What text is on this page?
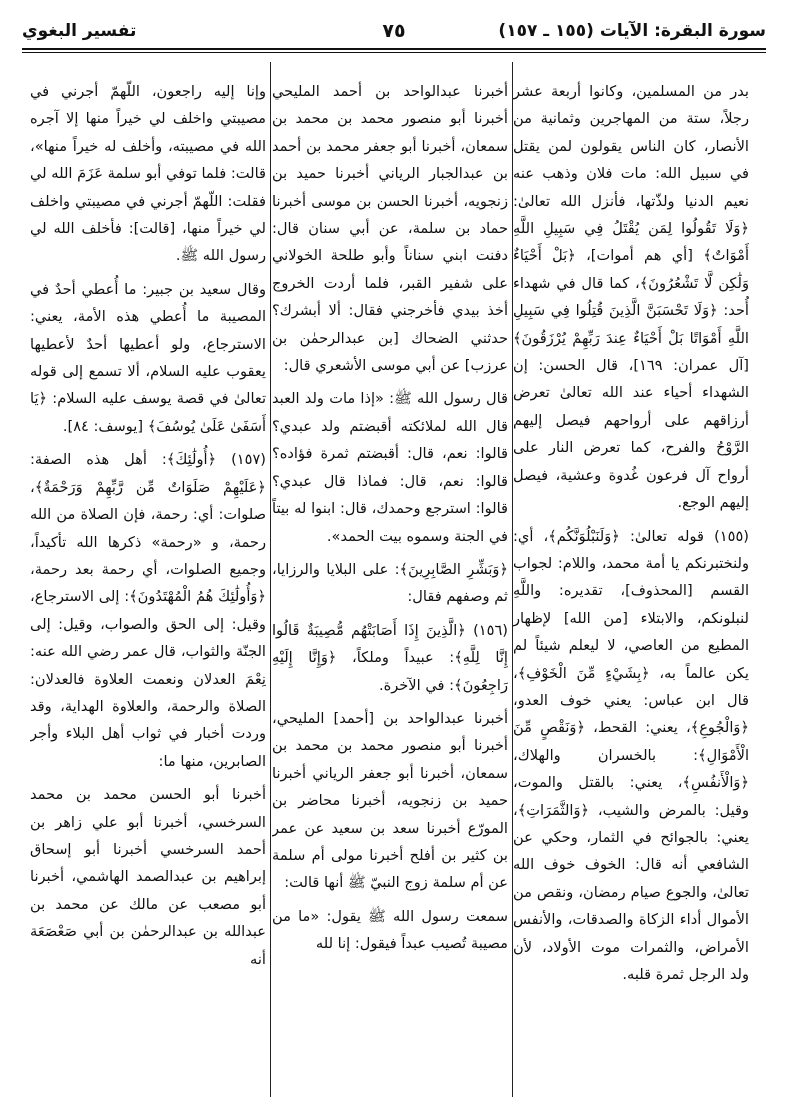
سورة البقرة: الآيات (١٥٥ ـ ١٥٧)
٧٥
تفسير البغوي

بدر من المسلمين، وكانوا أربعة عشر رجلاً، ستة من المهاجرين وثمانية من الأنصار، كان الناس يقولون لمن يقتل في سبيل الله: مات فلان وذهب عنه نعيم الدنيا ولذّتها، فأنزل الله تعالىٰ: ﴿وَلَا تَقُولُوا لِمَن يُقْتَلُ فِي سَبِيلِ اللَّهِ أَمْوَاتٌ﴾ [أي هم أموات]، ﴿بَلْ أَحْيَاءٌ وَلَٰكِن لَّا تَشْعُرُونَ﴾، كما قال في شهداء أُحد: ﴿وَلَا تَحْسَبَنَّ الَّذِينَ قُتِلُوا فِي سَبِيلِ اللَّهِ أَمْوَاتًا بَلْ أَحْيَاءٌ عِندَ رَبِّهِمْ يُرْزَقُونَ﴾ [آل عمران: ١٦٩]، قال الحسن: إن الشهداء أحياء عند الله تعالىٰ تعرض أرزاقهم على أرواحهم فيصل إليهم الرَّوْحُ والفرح، كما تعرض النار على أرواح آل فرعون غُدوة وعشية، فيصل إليهم الوجع.

(١٥٥) قوله تعالىٰ: ﴿وَلَنَبْلُوَنَّكُم﴾، أي: ولنختبرنكم يا أمة محمد، واللام: لجواب القسم [المحذوف]، تقديره: واللَّهِ لنبلونكم، والابتلاء [من الله] لإظهار المطيع من العاصي، لا ليعلم شيئاً لم يكن عالماً به، ﴿بِشَيْءٍ مِّنَ الْخَوْفِ﴾، قال ابن عباس: يعني خوف العدو، ﴿وَالْجُوعِ﴾، يعني: القحط، ﴿وَنَقْصٍ مِّنَ الْأَمْوَالِ﴾: بالخسران والهلاك، ﴿وَالْأَنفُسِ﴾، يعني: بالقتل والموت، وقيل: بالمرض والشيب، ﴿وَالثَّمَرَاتِ﴾، يعني: بالجوائح في الثمار، وحكي عن الشافعي أنه قال: الخوف خوف الله تعالىٰ، والجوع صيام رمضان، ونقص من الأموال أداء الزكاة والصدقات، والأنفس الأمراض، والثمرات موت الأولاد، لأن ولد الرجل ثمرة قلبه.

أخبرنا عبدالواحد بن أحمد المليحي أخبرنا أبو منصور محمد بن محمد بن سمعان، أخبرنا أبو جعفر محمد بن أحمد بن عبدالجبار الرياني أخبرنا حميد بن زنجويه، أخبرنا الحسن بن موسى أخبرنا حماد بن سلمة، عن أبي سنان قال: دفنت ابني سناناً وأبو طلحة الخولاني على شفير القبر، فلما أردت الخروج أخذ بيدي فأخرجني فقال: ألا أبشرك؟ حدثني الضحاك [بن عبدالرحمٰن بن عرزب] عن أبي موسى الأشعري قال:

قال رسول الله ﷺ: «إذا مات ولد العبد قال الله لملائكته أقبضتم ولد عبدي؟ قالوا: نعم، قال: أقبضتم ثمرة فؤاده؟ قالوا: نعم، قال: فماذا قال عبدي؟ قالوا: استرجع وحمدك، قال: ابنوا له بيتاً في الجنة وسموه بيت الحمد».

﴿وَبَشِّرِ الصَّابِرِينَ﴾: على البلايا والرزايا، ثم وصفهم فقال:

(١٥٦) ﴿الَّذِينَ إِذَا أَصَابَتْهُم مُّصِيبَةٌ قَالُوا إِنَّا لِلَّهِ﴾: عبيداً وملكاً، ﴿وَإِنَّا إِلَيْهِ رَاجِعُونَ﴾: في الآخرة.

أخبرنا عبدالواحد بن [أحمد] المليحي، أخبرنا أبو منصور محمد بن محمد بن سمعان، أخبرنا أبو جعفر الرياني أخبرنا حميد بن زنجويه، أخبرنا محاضر بن المورّع أخبرنا سعد بن سعيد عن عمر بن كثير بن أفلح أخبرنا مولى أم سلمة عن أم سلمة زوج النبيّ ﷺ أنها قالت:

سمعت رسول الله ﷺ يقول: «ما من مصيبة تُصيب عبداً فيقول: إنا لله

وإنا إليه راجعون، اللّهمّ أجرني في مصيبتي واخلف لي خيراً منها إلا آجره الله في مصيبته، وأخلف له خيراً منها»، قالت: فلما توفي أبو سلمة عَزَمَ الله لي فقلت: اللّهمّ أجرني في مصيبتي واخلف لي خيراً منها، [قالت]: فأخلف الله لي رسول الله ﷺ.

وقال سعيد بن جبير: ما أُعطي أحدٌ في المصيبة ما أُعطي هذه الأمة، يعني: الاسترجاع، ولو أعطيها أحدٌ لأعطيها يعقوب عليه السلام، ألا تسمع إلى قوله تعالىٰ في قصة يوسف عليه السلام: ﴿يَا أَسَفَىٰ عَلَىٰ يُوسُفَ﴾ [يوسف: ٨٤].

(١٥٧) ﴿أُولَٰئِكَ﴾: أهل هذه الصفة: ﴿عَلَيْهِمْ صَلَوَاتٌ مِّن رَّبِّهِمْ وَرَحْمَةٌ﴾، صلوات: أي: رحمة، فإن الصلاة من الله رحمة، و «رحمة» ذكرها الله تأكيداً، وجميع الصلوات، أي رحمة بعد رحمة، ﴿وَأُولَٰئِكَ هُمُ الْمُهْتَدُونَ﴾: إلى الاسترجاع، وقيل: إلى الحق والصواب، وقيل: إلى الجنّة والثواب، قال عمر رضي الله عنه: نِعْمَ العدلان ونعمت العلاوة فالعدلان: الصلاة والرحمة، والعلاوة الهداية، وقد وردت أخبار في ثواب أهل البلاء وأجر الصابرين، منها ما:

أخبرنا أبو الحسن محمد بن محمد السرخسي، أخبرنا أبو علي زاهر بن أحمد السرخسي أخبرنا أبو إسحاق إبراهيم بن عبدالصمد الهاشمي، أخبرنا أبو مصعب عن مالك عن محمد بن عبدالله بن عبدالرحمٰن بن أبي صَعْصَعَة أنه
